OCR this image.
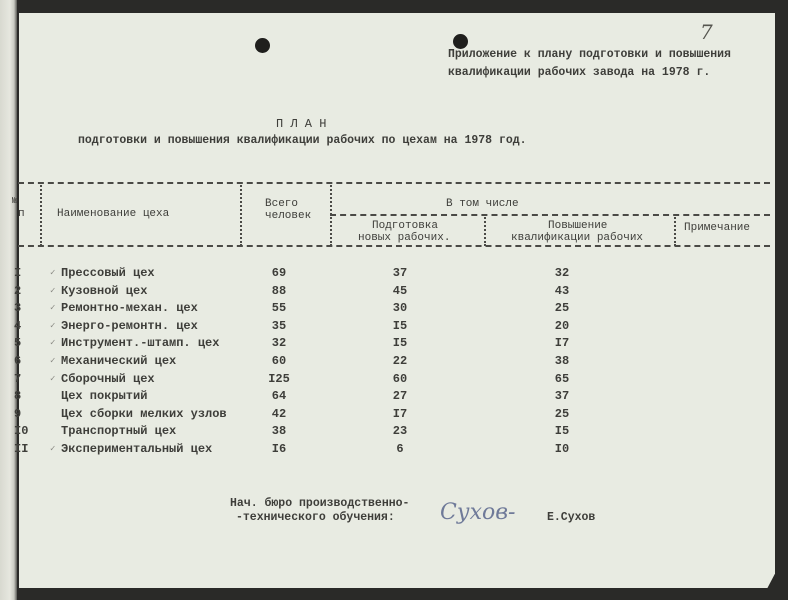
7
Приложение к плану подготовки и повышения
квалификации рабочих завода на 1978 г.
П Л А Н
подготовки и повышения квалификации рабочих по цехам на 1978 год.
№
п	Наименование цеха
Всего
человек
В том числе
Подготовка
новых рабочих.
Повышение
квалификации рабочих
Примечание
I	✓ Прессовый цех	69	37	32
2	✓ Кузовной цех	88	45	43
3	✓ Ремонтно-механ. цех	55	30	25
4	✓ Энерго-ремонтн. цех	35	I5	20
5	✓ Инструмент.-штамп. цех	32	I5	I7
6	✓ Механический цех	60	22	38
7	✓ Сборочный цех	I25	60	65
8	Цех покрытий	64	27	37
9	Цех сборки мелких узлов	42	I7	25
I0	Транспортный цех	38	23	I5
II	✓ Экспериментальный цех	I6	6	I0
Нач. бюро производственно-
-технического обучения: Сухов-	Е.Сухов
